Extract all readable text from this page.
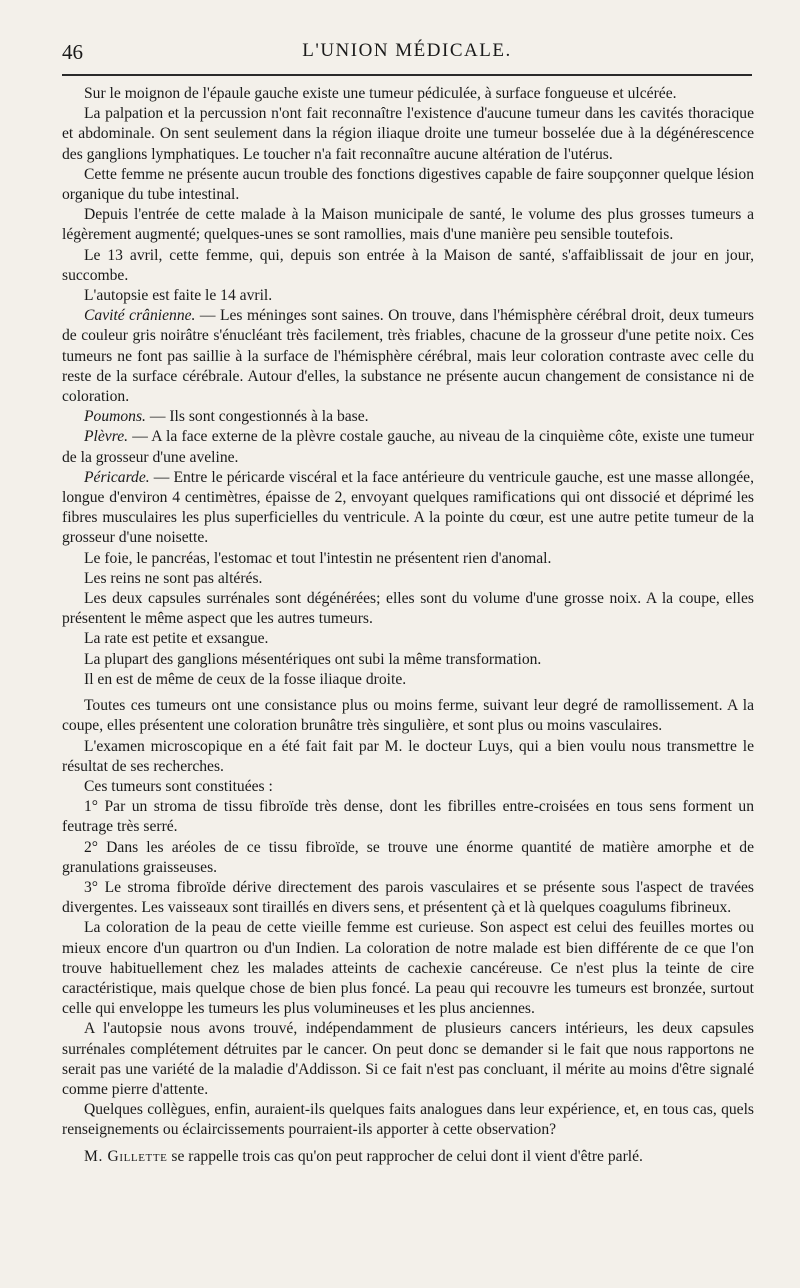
46	L'UNION MÉDICALE.

Sur le moignon de l'épaule gauche existe une tumeur pédiculée, à surface fongueuse et ulcérée.

La palpation et la percussion n'ont fait reconnaître l'existence d'aucune tumeur dans les cavités thoracique et abdominale. On sent seulement dans la région iliaque droite une tumeur bosselée due à la dégénérescence des ganglions lymphatiques. Le toucher n'a fait reconnaître aucune altération de l'utérus.

Cette femme ne présente aucun trouble des fonctions digestives capable de faire soupçonner quelque lésion organique du tube intestinal.

Depuis l'entrée de cette malade à la Maison municipale de santé, le volume des plus grosses tumeurs a légèrement augmenté; quelques-unes se sont ramollies, mais d'une manière peu sensible toutefois.

Le 13 avril, cette femme, qui, depuis son entrée à la Maison de santé, s'affaiblissait de jour en jour, succombe.

L'autopsie est faite le 14 avril.

Cavité crânienne. — Les méninges sont saines. On trouve, dans l'hémisphère cérébral droit, deux tumeurs de couleur gris noirâtre s'énucléant très facilement, très friables, chacune de la grosseur d'une petite noix. Ces tumeurs ne font pas saillie à la surface de l'hémisphère cérébral, mais leur coloration contraste avec celle du reste de la surface cérébrale. Autour d'elles, la substance ne présente aucun changement de consistance ni de coloration.

Poumons. — Ils sont congestionnés à la base.

Plèvre. — A la face externe de la plèvre costale gauche, au niveau de la cinquième côte, existe une tumeur de la grosseur d'une aveline.

Péricarde. — Entre le péricarde viscéral et la face antérieure du ventricule gauche, est une masse allongée, longue d'environ 4 centimètres, épaisse de 2, envoyant quelques ramifications qui ont dissocié et déprimé les fibres musculaires les plus superficielles du ventricule. A la pointe du cœur, est une autre petite tumeur de la grosseur d'une noisette.

Le foie, le pancréas, l'estomac et tout l'intestin ne présentent rien d'anomal.

Les reins ne sont pas altérés.

Les deux capsules surrénales sont dégénérées; elles sont du volume d'une grosse noix. A la coupe, elles présentent le même aspect que les autres tumeurs.

La rate est petite et exsangue.

La plupart des ganglions mésentériques ont subi la même transformation.

Il en est de même de ceux de la fosse iliaque droite.

Toutes ces tumeurs ont une consistance plus ou moins ferme, suivant leur degré de ramollissement. A la coupe, elles présentent une coloration brunâtre très singulière, et sont plus ou moins vasculaires.

L'examen microscopique en a été fait fait par M. le docteur Luys, qui a bien voulu nous transmettre le résultat de ses recherches.

Ces tumeurs sont constituées :

1° Par un stroma de tissu fibroïde très dense, dont les fibrilles entre-croisées en tous sens forment un feutrage très serré.

2° Dans les aréoles de ce tissu fibroïde, se trouve une énorme quantité de matière amorphe et de granulations graisseuses.

3° Le stroma fibroïde dérive directement des parois vasculaires et se présente sous l'aspect de travées divergentes. Les vaisseaux sont tiraillés en divers sens, et présentent çà et là quelques coagulums fibrineux.

La coloration de la peau de cette vieille femme est curieuse. Son aspect est celui des feuilles mortes ou mieux encore d'un quartron ou d'un Indien. La coloration de notre malade est bien différente de ce que l'on trouve habituellement chez les malades atteints de cachexie cancéreuse. Ce n'est plus la teinte de cire caractéristique, mais quelque chose de bien plus foncé. La peau qui recouvre les tumeurs est bronzée, surtout celle qui enveloppe les tumeurs les plus volumineuses et les plus anciennes.

A l'autopsie nous avons trouvé, indépendamment de plusieurs cancers intérieurs, les deux capsules surrénales complétement détruites par le cancer. On peut donc se demander si le fait que nous rapportons ne serait pas une variété de la maladie d'Addisson. Si ce fait n'est pas concluant, il mérite au moins d'être signalé comme pierre d'attente.

Quelques collègues, enfin, auraient-ils quelques faits analogues dans leur expérience, et, en tous cas, quels renseignements ou éclaircissements pourraient-ils apporter à cette observation?

M. Gillette se rappelle trois cas qu'on peut rapprocher de celui dont il vient d'être parlé.
